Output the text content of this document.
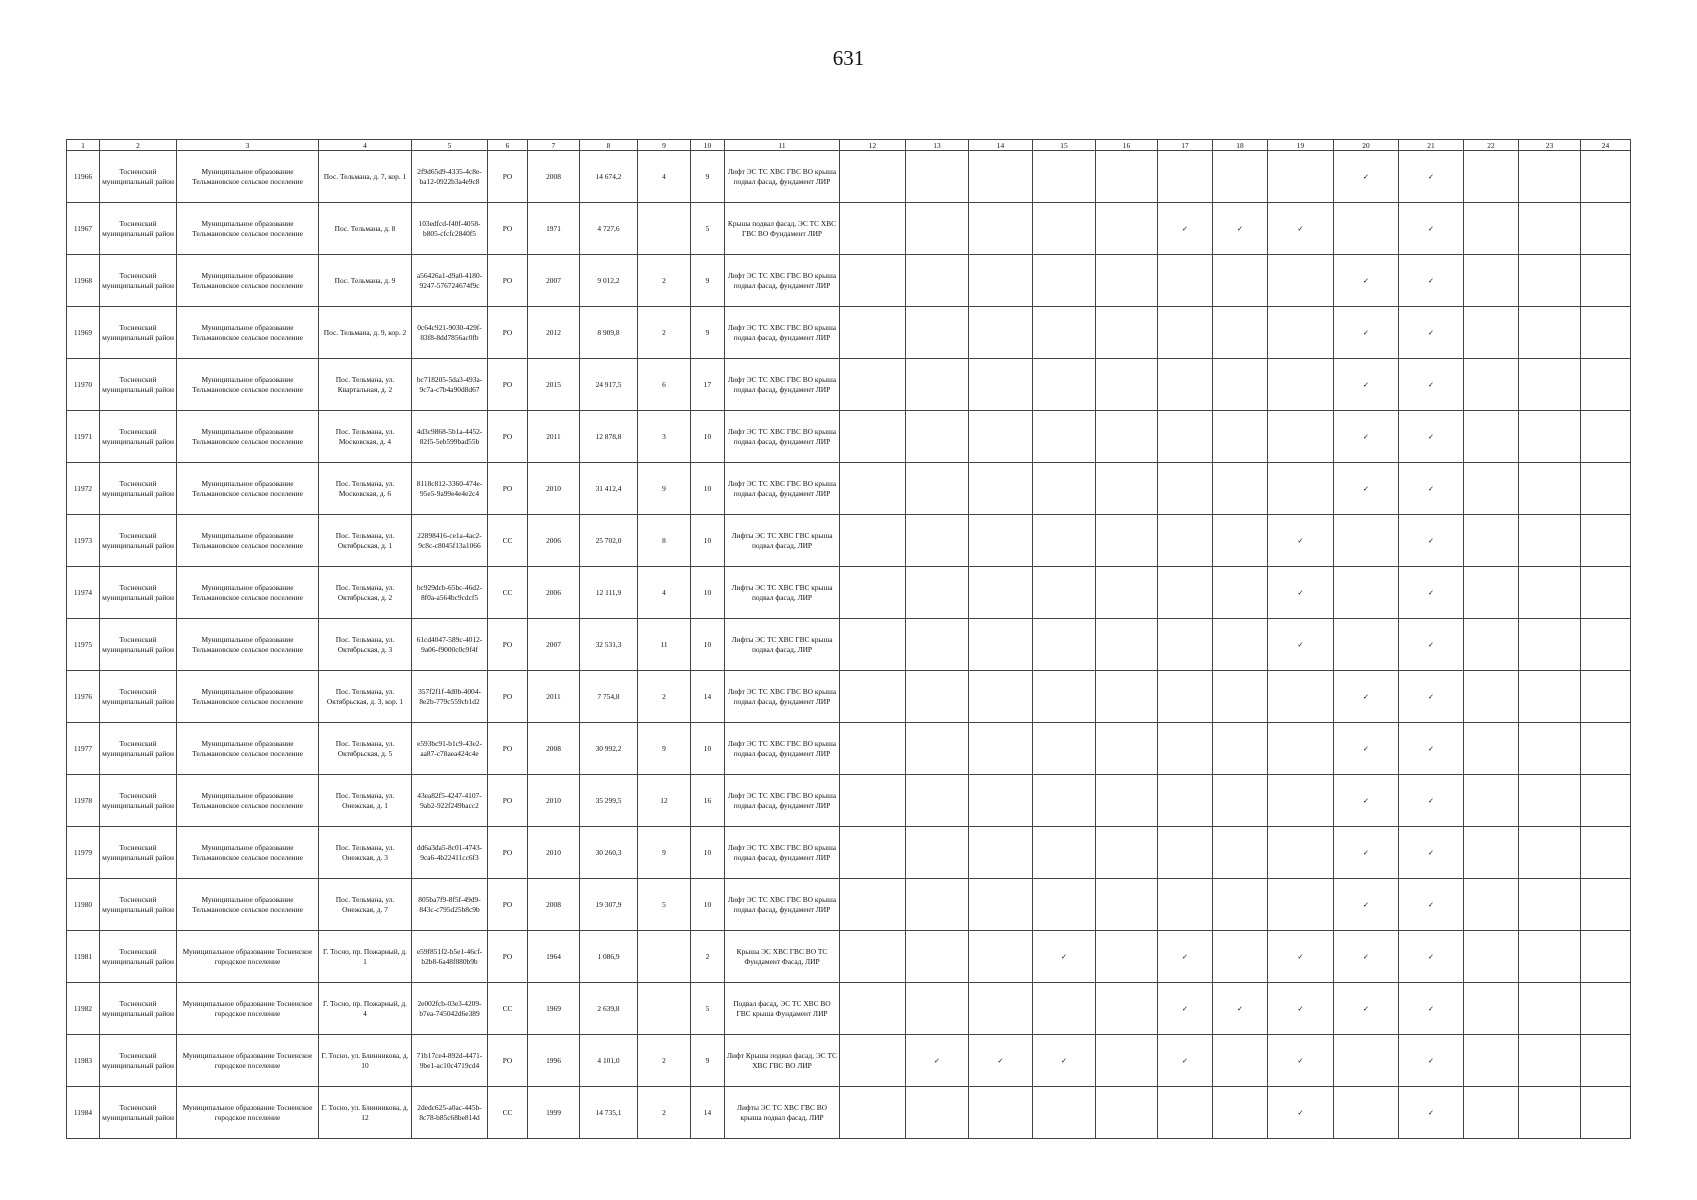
631
1	2	3	4	5	6	7	8	9	10	11	12	13	14	15	16	17	18	19	20	21	22	23	24
11966	Тосненский муниципальный район	Муниципальное образование Тельмановское сельское поселение	Пос. Тельмана, д. 7, кор. 1	2f9d65d9-4335-4c8e-ba12-0922b3a4e9c8	РО	2008	14 674,2	4	9	Лифт ЭС ТС ХВС ГВС ВО крыша подвал фасад, фундамент ЛИР									✓	✓			
11967	Тосненский муниципальный район	Муниципальное образование Тельмановское сельское поселение	Пос. Тельмана, д. 8	103edfcd-f40f-4058-b805-cfcfc2840f5	РО	1971	4 727,6		5	Крыша подвал фасад, ЭС ТС ХВС ГВС ВО Фундамент ЛИР						✓	✓	✓		✓			
11968	Тосненский муниципальный район	Муниципальное образование Тельмановское сельское поселение	Пос. Тельмана, д. 9	a56426a1-d9a0-4180-9247-576724674f9c	РО	2007	9 012,2	2	9	Лифт ЭС ТС ХВС ГВС ВО крыша подвал фасад, фундамент ЛИР									✓	✓			
11969	Тосненский муниципальный район	Муниципальное образование Тельмановское сельское поселение	Пос. Тельмана, д. 9, кор. 2	0c64c921-9030-429f-83f8-8dd7856ac0fb	РО	2012	8 909,8	2	9	Лифт ЭС ТС ХВС ГВС ВО крыша подвал фасад, фундамент ЛИР									✓	✓			
11970	Тосненский муниципальный район	Муниципальное образование Тельмановское сельское поселение	Пос. Тельмана, ул. Квартальная, д. 2	bc718205-5da3-493a-9c7a-c7b4a90d8d67	РО	2015	24 917,5	6	17	Лифт ЭС ТС ХВС ГВС ВО крыша подвал фасад, фундамент ЛИР									✓	✓			
11971	Тосненский муниципальный район	Муниципальное образование Тельмановское сельское поселение	Пос. Тельмана, ул. Московская, д. 4	4d3c9868-5b1a-4452-82f5-5eb599bad55b	РО	2011	12 878,8	3	10	Лифт ЭС ТС ХВС ГВС ВО крыша подвал фасад, фундамент ЛИР									✓	✓			
11972	Тосненский муниципальный район	Муниципальное образование Тельмановское сельское поселение	Пос. Тельмана, ул. Московская, д. 6	8118c812-3360-474e-95e5-9a99e4e4e2c4	РО	2010	31 412,4	9	10	Лифт ЭС ТС ХВС ГВС ВО крыша подвал фасад, фундамент ЛИР									✓	✓			
11973	Тосненский муниципальный район	Муниципальное образование Тельмановское сельское поселение	Пос. Тельмана, ул. Октябрьская, д. 1	22898416-ce1a-4ac2-9c8c-c8045f13a1066	СС	2006	25 702,0	8	10	Лифты ЭС ТС ХВС ГВС крыша подвал фасад, ЛИР								✓		✓			
11974	Тосненский муниципальный район	Муниципальное образование Тельмановское сельское поселение	Пос. Тельмана, ул. Октябрьская, д. 2	bc929dcb-65bc-46d2-8f0a-a564bc9cdcf5	СС	2006	12 111,9	4	10	Лифты ЭС ТС ХВС ГВС крыша подвал фасад, ЛИР								✓		✓			
11975	Тосненский муниципальный район	Муниципальное образование Тельмановское сельское поселение	Пос. Тельмана, ул. Октябрьская, д. 3	61cd4047-589c-4012-9a06-f9000c0c9f4f	РО	2007	32 531,3	11	10	Лифты ЭС ТС ХВС ГВС крыша подвал фасад, ЛИР								✓		✓			
11976	Тосненский муниципальный район	Муниципальное образование Тельмановское сельское поселение	Пос. Тельмана, ул. Октябрьская, д. 3, кор. 1	357f2f1f-4d0b-4004-8e2b-779c559cb1d2	РО	2011	7 754,8	2	14	Лифт ЭС ТС ХВС ГВС ВО крыша подвал фасад, фундамент ЛИР									✓	✓			
11977	Тосненский муниципальный район	Муниципальное образование Тельмановское сельское поселение	Пос. Тельмана, ул. Октябрьская, д. 5	e593bc91-b1c9-43e2-aa87-c78aea424c4e	РО	2008	30 992,2	9	10	Лифт ЭС ТС ХВС ГВС ВО крыша подвал фасад, фундамент ЛИР									✓	✓			
11978	Тосненский муниципальный район	Муниципальное образование Тельмановское сельское поселение	Пос. Тельмана, ул. Онежская, д. 1	43ea82f5-4247-4107-9ab2-922f249bacc2	РО	2010	35 299,5	12	16	Лифт ЭС ТС ХВС ГВС ВО крыша подвал фасад, фундамент ЛИР									✓	✓			
11979	Тосненский муниципальный район	Муниципальное образование Тельмановское сельское поселение	Пос. Тельмана, ул. Онежская, д. 3	dd6a3da5-8c01-4743-9ca6-4b22411cc6f3	РО	2010	30 260,3	9	10	Лифт ЭС ТС ХВС ГВС ВО крыша подвал фасад, фундамент ЛИР									✓	✓			
11980	Тосненский муниципальный район	Муниципальное образование Тельмановское сельское поселение	Пос. Тельмана, ул. Онежская, д. 7	805ba7f9-8f5f-49d9-843c-c795d25b8c9b	РО	2008	19 307,9	5	10	Лифт ЭС ТС ХВС ГВС ВО крыша подвал фасад, фундамент ЛИР									✓	✓			
11981	Тосненский муниципальный район	Муниципальное образование Тосненское городское поселение	Г. Тосно, пр. Пожарный, д. 1	e59f851f2-b5e1-46cf-b2b8-6a48f880b9b	РО	1964	1 086,9		2	Крыша ЭС ХВС ГВС ВО ТС Фундамент Фасад, ЛИР				✓		✓		✓	✓	✓			
11982	Тосненский муниципальный район	Муниципальное образование Тосненское городское поселение	Г. Тосно, пр. Пожарный, д. 4	2e002fcb-03e3-4209-b7ea-745042d6e389	СС	1969	2 639,8		5	Подвал фасад, ЭС ТС ХВС ВО ГВС крыша Фундамент ЛИР						✓	✓	✓	✓	✓			
11983	Тосненский муниципальный район	Муниципальное образование Тосненское городское поселение	Г. Тосно, ул. Блинникова, д. 10	71b17ce4-892d-4471-9be1-ac10c4719cd4	РО	1996	4 101,0	2	9	Лифт Крыша подвал фасад, ЭС ТС ХВС ГВС ВО ЛИР		✓	✓	✓		✓		✓		✓			
11984	Тосненский муниципальный район	Муниципальное образование Тосненское городское поселение	Г. Тосно, ул. Блинникова, д. 12	2dedc625-a0ac-445b-8c78-b85c68be814d	СС	1999	14 735,1	2	14	Лифты ЭС ТС ХВС ГВС ВО крыша подвал фасад, ЛИР								✓		✓			
